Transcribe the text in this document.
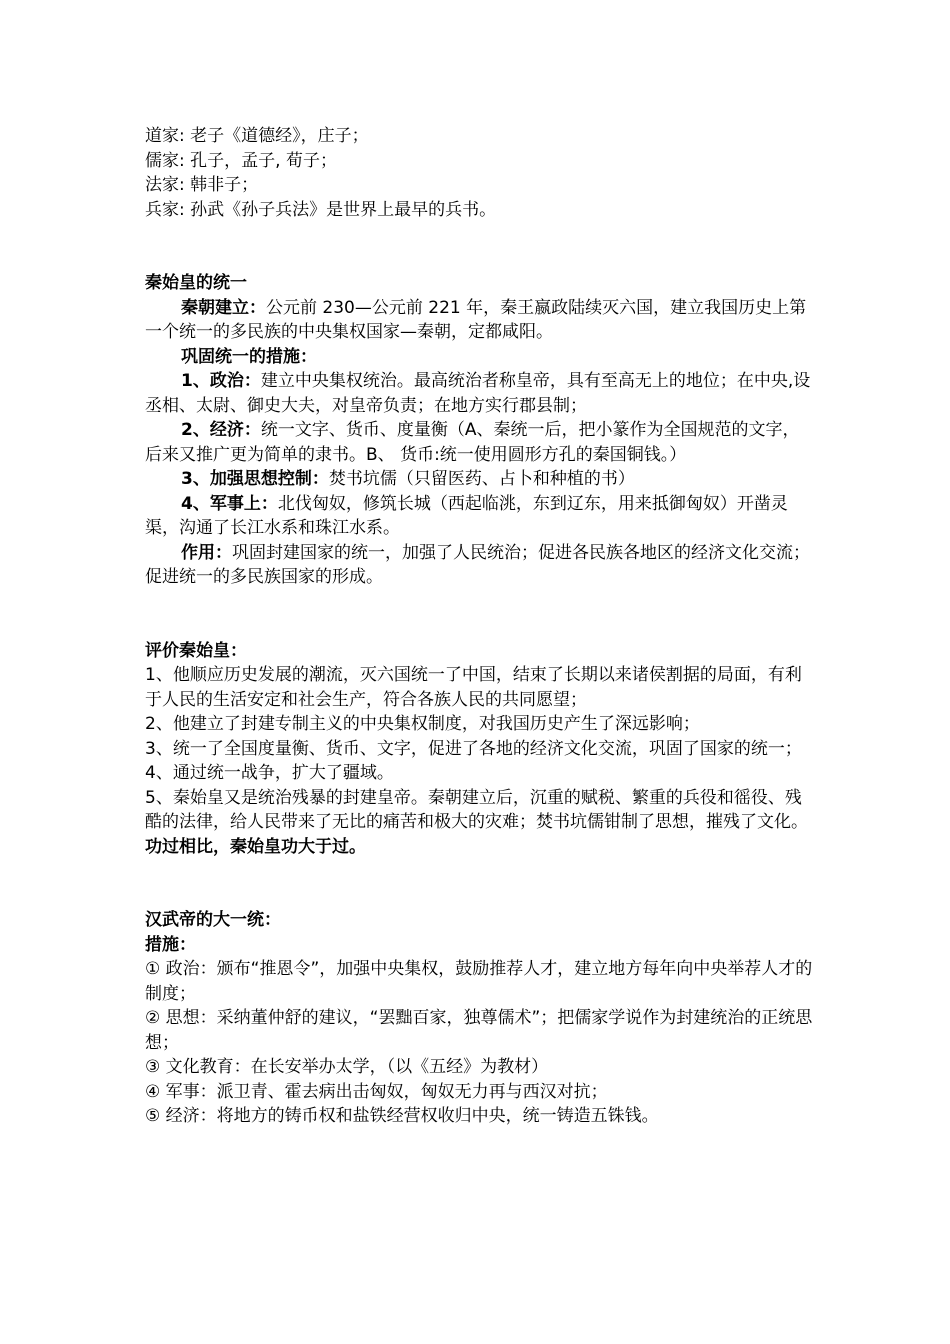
道家: 老子《道德经》，庄子；

儒家: 孔子，孟子, 荀子；

法家: 韩非子；

兵家: 孙武《孙子兵法》是世界上最早的兵书。

秦始皇的统一

秦朝建立：公元前 230—公元前 221 年，秦王嬴政陆续灭六国，建立我国历史上第一个统一的多民族的中央集权国家—秦朝，定都咸阳。

巩固统一的措施：

1、政治：建立中央集权统治。最高统治者称皇帝，具有至高无上的地位；在中央,设丞相、太尉、御史大夫，对皇帝负责；在地方实行郡县制；

2、经济：统一文字、货币、度量衡（A、秦统一后，把小篆作为全国规范的文字，后来又推广更为简单的隶书。B、 货币:统一使用圆形方孔的秦国铜钱。）

3、加强思想控制：焚书坑儒（只留医药、占卜和种植的书）

4、军事上：北伐匈奴，修筑长城（西起临洮，东到辽东，用来抵御匈奴）开凿灵渠，沟通了长江水系和珠江水系。

作用：巩固封建国家的统一，加强了人民统治；促进各民族各地区的经济文化交流；促进统一的多民族国家的形成。

评价秦始皇：

1、他顺应历史发展的潮流，灭六国统一了中国，结束了长期以来诸侯割据的局面，有利于人民的生活安定和社会生产，符合各族人民的共同愿望；

2、他建立了封建专制主义的中央集权制度，对我国历史产生了深远影响；

3、统一了全国度量衡、货币、文字，促进了各地的经济文化交流，巩固了国家的统一；

4、通过统一战争，扩大了疆域。

5、秦始皇又是统治残暴的封建皇帝。秦朝建立后，沉重的赋税、繁重的兵役和徭役、残酷的法律，给人民带来了无比的痛苦和极大的灾难；焚书坑儒钳制了思想，摧残了文化。

功过相比，秦始皇功大于过。

汉武帝的大一统：

措施：

① 政治：颁布“推恩令”，加强中央集权，鼓励推荐人才，建立地方每年向中央举荐人才的制度；

② 思想：采纳董仲舒的建议，“罢黜百家，独尊儒术”；把儒家学说作为封建统治的正统思想；

③ 文化教育：在长安举办太学，（以《五经》为教材）

④ 军事：派卫青、霍去病出击匈奴，匈奴无力再与西汉对抗；

⑤ 经济：将地方的铸币权和盐铁经营权收归中央，统一铸造五铢钱。
